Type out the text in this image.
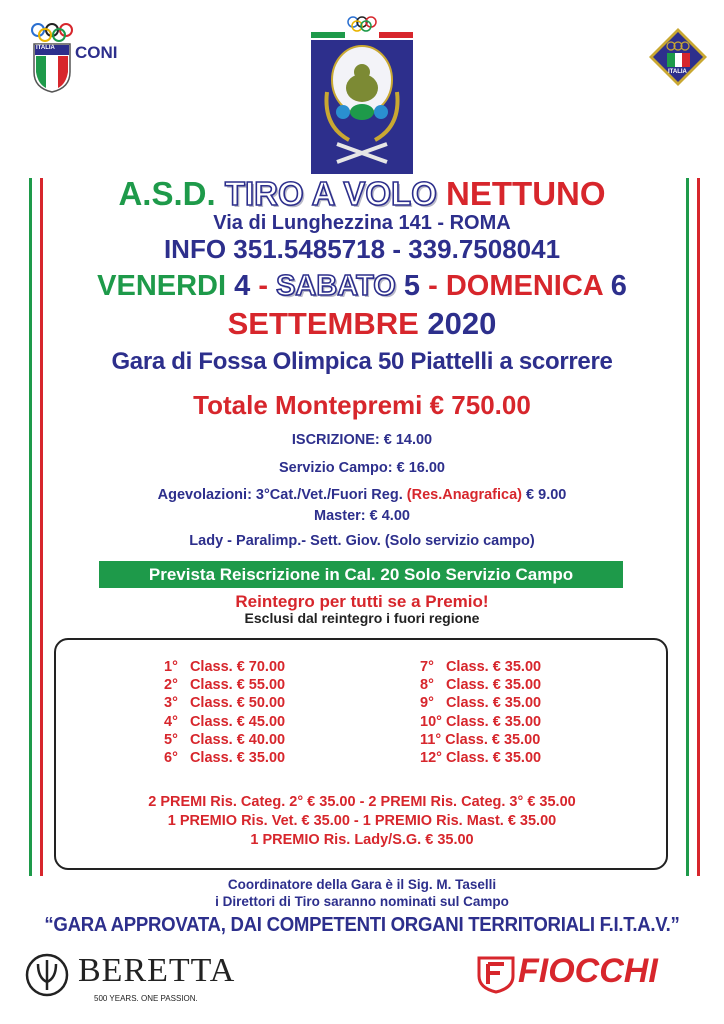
ITALIA CONI
ITALIA
A.S.D. TIRO A VOLO NETTUNO
Via di Lunghezzina 141 - ROMA
INFO 351.5485718 - 339.7508041
VENERDI 4 - SABATO 5 - DOMENICA 6
SETTEMBRE 2020
Gara di Fossa Olimpica 50 Piattelli a scorrere
Totale Montepremi € 750.00
ISCRIZIONE: € 14.00
Servizio Campo: € 16.00
Agevolazioni: 3°Cat./Vet./Fuori Reg. (Res.Anagrafica) € 9.00
Master: € 4.00
Lady - Paralimp.- Sett. Giov. (Solo servizio campo)
Prevista Reiscrizione in Cal. 20 Solo Servizio Campo
Reintegro per tutti se a Premio!
Esclusi dal reintegro i fuori regione
1°   Class. € 70.00
2°   Class. € 55.00
3°   Class. € 50.00
4°   Class. € 45.00
5°   Class. € 40.00
6°   Class. € 35.00
7°   Class. € 35.00
8°   Class. € 35.00
9°   Class. € 35.00
10° Class. € 35.00
11° Class. € 35.00
12° Class. € 35.00
2 PREMI Ris. Categ. 2° € 35.00 - 2 PREMI Ris. Categ. 3° € 35.00
1 PREMIO Ris. Vet. € 35.00 - 1 PREMIO Ris. Mast. € 35.00
1 PREMIO Ris. Lady/S.G. € 35.00
Coordinatore della Gara è il Sig. M. Taselli
i Direttori di Tiro saranno nominati sul Campo
“GARA APPROVATA, DAI COMPETENTI ORGANI TERRITORIALI F.I.T.A.V.”
BERETTA
500 YEARS. ONE PASSION.
FIOCCHI
